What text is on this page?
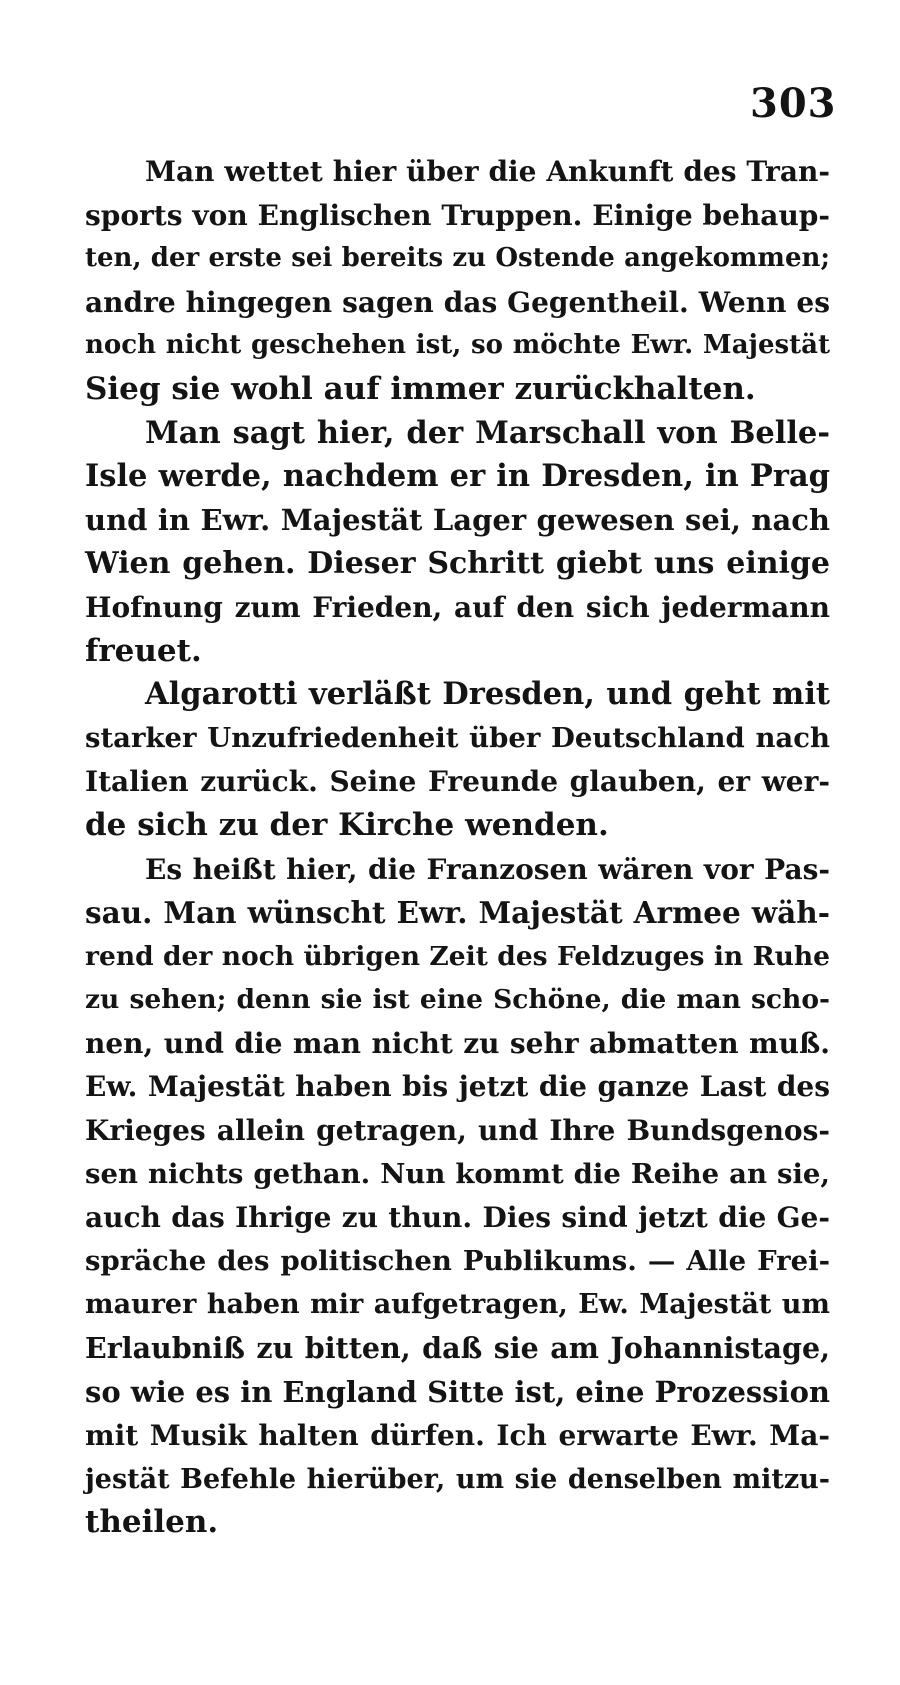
303
Man wettet hier über die Ankunft des Tran-
sports von Englischen Truppen. Einige behaup-
ten, der erste sei bereits zu Ostende angekommen;
andre hingegen sagen das Gegentheil. Wenn es
noch nicht geschehen ist, so möchte Ewr. Majestät
Sieg sie wohl auf immer zurückhalten.
Man sagt hier, der Marschall von Belle-
Isle werde, nachdem er in Dresden, in Prag
und in Ewr. Majestät Lager gewesen sei, nach
Wien gehen. Dieser Schritt giebt uns einige
Hofnung zum Frieden, auf den sich jedermann
freuet.
Algarotti verläßt Dresden, und geht mit
starker Unzufriedenheit über Deutschland nach
Italien zurück. Seine Freunde glauben, er wer-
de sich zu der Kirche wenden.
Es heißt hier, die Franzosen wären vor Pas-
sau. Man wünscht Ewr. Majestät Armee wäh-
rend der noch übrigen Zeit des Feldzuges in Ruhe
zu sehen; denn sie ist eine Schöne, die man scho-
nen, und die man nicht zu sehr abmatten muß.
Ew. Majestät haben bis jetzt die ganze Last des
Krieges allein getragen, und Ihre Bundsgenos-
sen nichts gethan. Nun kommt die Reihe an sie,
auch das Ihrige zu thun. Dies sind jetzt die Ge-
spräche des politischen Publikums. — Alle Frei-
maurer haben mir aufgetragen, Ew. Majestät um
Erlaubniß zu bitten, daß sie am Johannistage,
so wie es in England Sitte ist, eine Prozession
mit Musik halten dürfen. Ich erwarte Ewr. Ma-
jestät Befehle hierüber, um sie denselben mitzu-
theilen.
